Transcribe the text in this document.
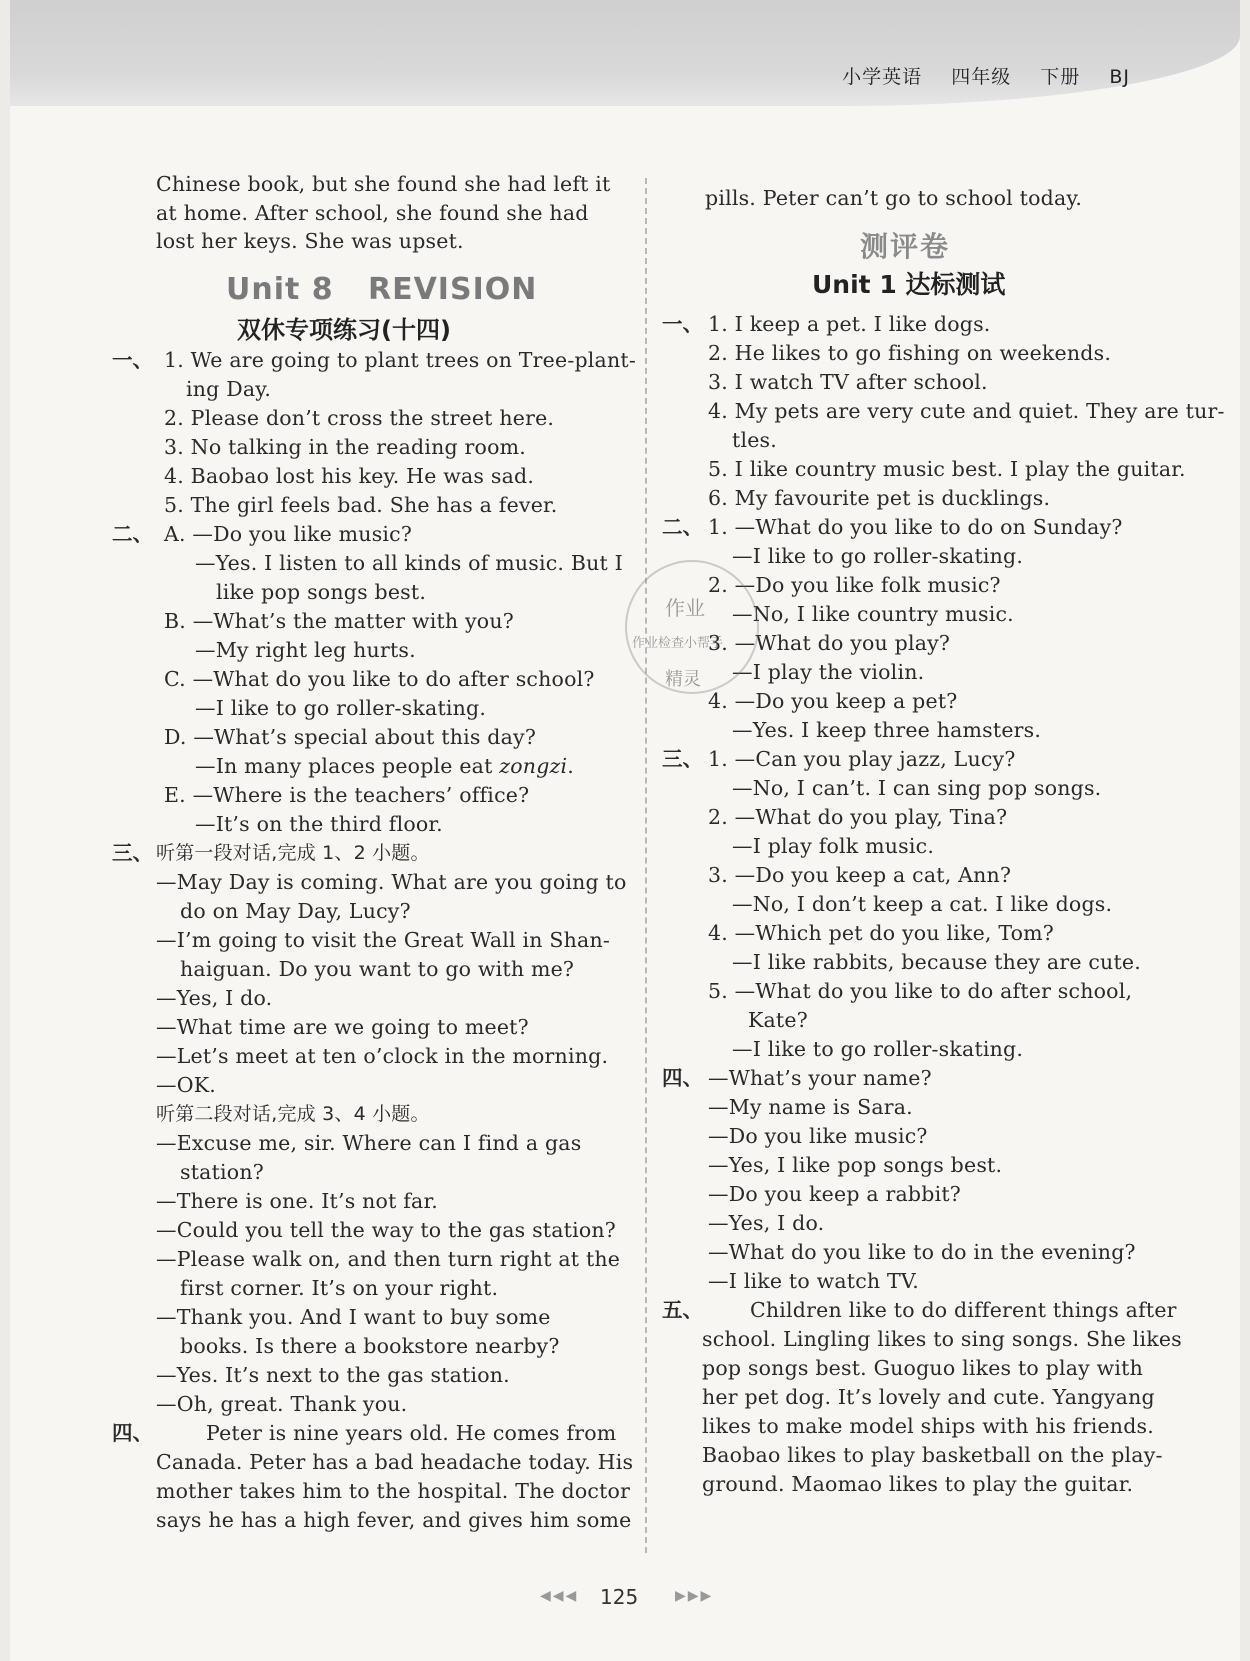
小学英语 四年级 下册 BJ
Chinese book, but she found she had left it
at home. After school, she found she had
lost her keys. She was upset.
Unit 8   REVISION
双休专项练习(十四)
一、 1. We are going to plant trees on Tree-plant-
ing Day.
2. Please don’t cross the street here.
3. No talking in the reading room.
4. Baobao lost his key. He was sad.
5. The girl feels bad. She has a fever.
二、 A. —Do you like music?
—Yes. I listen to all kinds of music. But I
like pop songs best.
B. —What’s the matter with you?
—My right leg hurts.
C. —What do you like to do after school?
—I like to go roller-skating.
D. —What’s special about this day?
—In many places people eat zongzi.
E. —Where is the teachers’ office?
—It’s on the third floor.
三、 听第一段对话,完成 1、2 小题。
—May Day is coming. What are you going to
do on May Day, Lucy?
—I’m going to visit the Great Wall in Shan-
haiguan. Do you want to go with me?
—Yes, I do.
—What time are we going to meet?
—Let’s meet at ten o’clock in the morning.
—OK.
听第二段对话,完成 3、4 小题。
—Excuse me, sir. Where can I find a gas
station?
—There is one. It’s not far.
—Could you tell the way to the gas station?
—Please walk on, and then turn right at the
first corner. It’s on your right.
—Thank you. And I want to buy some
books. Is there a bookstore nearby?
—Yes. It’s next to the gas station.
—Oh, great. Thank you.
四、	Peter is nine years old. He comes from
Canada. Peter has a bad headache today. His
mother takes him to the hospital. The doctor
says he has a high fever, and gives him some
pills. Peter can’t go to school today.
测评卷
Unit 1 达标测试
一、 1. I keep a pet. I like dogs.
2. He likes to go fishing on weekends.
3. I watch TV after school.
4. My pets are very cute and quiet. They are tur-
tles.
5. I like country music best. I play the guitar.
6. My favourite pet is ducklings.
二、 1. —What do you like to do on Sunday?
—I like to go roller-skating.
2. —Do you like folk music?
—No, I like country music.
3. —What do you play?
—I play the violin.
4. —Do you keep a pet?
—Yes. I keep three hamsters.
三、 1. —Can you play jazz, Lucy?
—No, I can’t. I can sing pop songs.
2. —What do you play, Tina?
—I play folk music.
3. —Do you keep a cat, Ann?
—No, I don’t keep a cat. I like dogs.
4. —Which pet do you like, Tom?
—I like rabbits, because they are cute.
5. —What do you like to do after school,
Kate?
—I like to go roller-skating.
四、 —What’s your name?
—My name is Sara.
—Do you like music?
—Yes, I like pop songs best.
—Do you keep a rabbit?
—Yes, I do.
—What do you like to do in the evening?
—I like to watch TV.
五、 Children like to do different things after
school. Lingling likes to sing songs. She likes
pop songs best. Guoguo likes to play with
her pet dog. It’s lovely and cute. Yangyang
likes to make model ships with his friends.
Baobao likes to play basketball on the play-
ground. Maomao likes to play the guitar.
作业
作业检查小帮手
精灵
◀◀◀ 125	▶▶▶
